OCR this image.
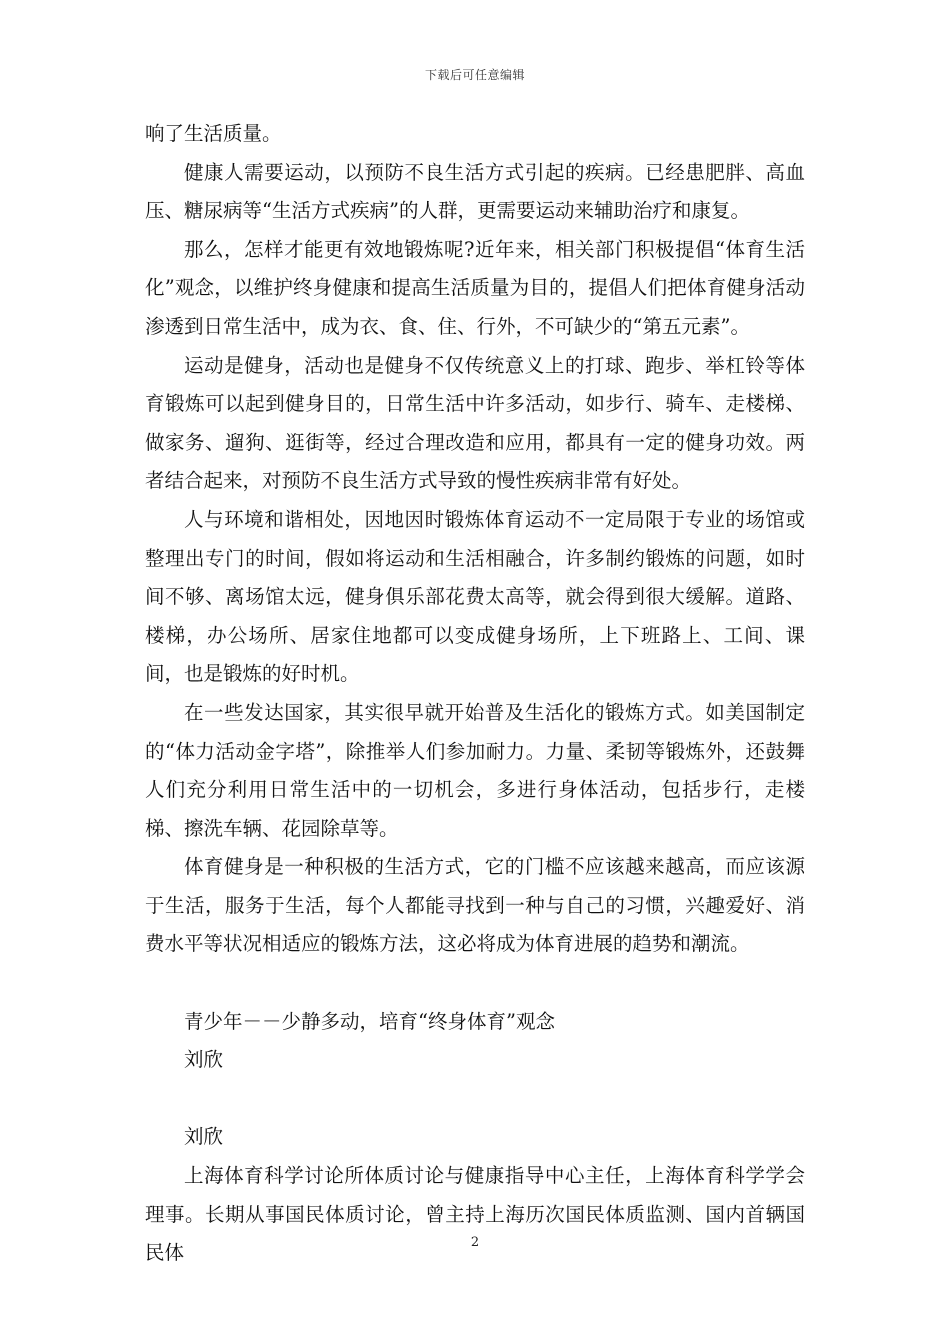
下载后可任意编辑

响了生活质量。

健康人需要运动，以预防不良生活方式引起的疾病。已经患肥胖、高血压、糖尿病等“生活方式疾病”的人群，更需要运动来辅助治疗和康复。

那么，怎样才能更有效地锻炼呢?近年来，相关部门积极提倡“体育生活化”观念，以维护终身健康和提高生活质量为目的，提倡人们把体育健身活动渗透到日常生活中，成为衣、食、住、行外，不可缺少的“第五元素”。

运动是健身，活动也是健身不仅传统意义上的打球、跑步、举杠铃等体育锻炼可以起到健身目的，日常生活中许多活动，如步行、骑车、走楼梯、做家务、遛狗、逛街等，经过合理改造和应用，都具有一定的健身功效。两者结合起来，对预防不良生活方式导致的慢性疾病非常有好处。

人与环境和谐相处，因地因时锻炼体育运动不一定局限于专业的场馆或整理出专门的时间，假如将运动和生活相融合，许多制约锻炼的问题，如时间不够、离场馆太远，健身俱乐部花费太高等，就会得到很大缓解。道路、楼梯，办公场所、居家住地都可以变成健身场所，上下班路上、工间、课间，也是锻炼的好时机。

在一些发达国家，其实很早就开始普及生活化的锻炼方式。如美国制定的“体力活动金字塔”，除推举人们参加耐力。力量、柔韧等锻炼外，还鼓舞人们充分利用日常生活中的一切机会，多进行身体活动，包括步行，走楼梯、擦洗车辆、花园除草等。

体育健身是一种积极的生活方式，它的门槛不应该越来越高，而应该源于生活，服务于生活，每个人都能寻找到一种与自己的习惯，兴趣爱好、消费水平等状况相适应的锻炼方法，这必将成为体育进展的趋势和潮流。

青少年－－少静多动，培育“终身体育”观念

刘欣

刘欣

上海体育科学讨论所体质讨论与健康指导中心主任，上海体育科学学会理事。长期从事国民体质讨论，曾主持上海历次国民体质监测、国内首辆国民体	2
